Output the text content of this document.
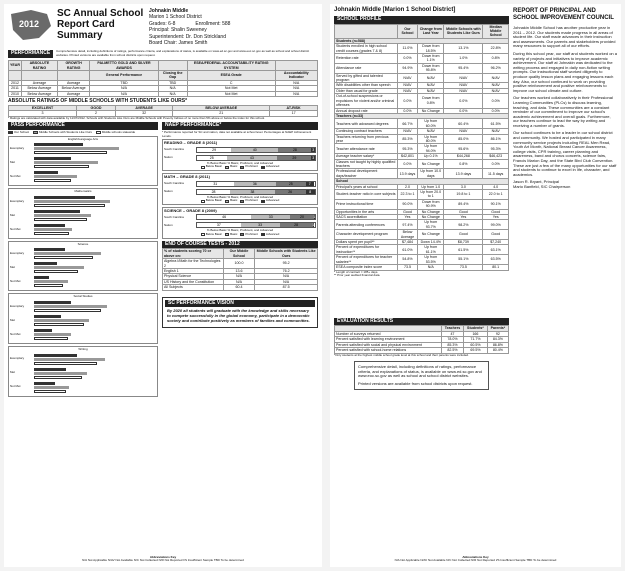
2012
SC Annual School Report Card Summary
Johnakin Middle
Marion 1 School District
Grades: 6-8	Enrollment: 588
Principal: Shalin Sweeney
Superintendent: Dr. Don Strickland
Board Chair: James Smith
PERFORMANCE	Comprehensive detail, including definitions of ratings, performance criteria, and explanations of status, is available on www.ed.sc.gov and www.eoc.sc.gov as well as school and school district websites. Printed versions are available from school districts upon request.
YEAR	ABSOLUTE RATING	GROWTH RATING	PALMETTO GOLD AND SILVER AWARDS		ESEA/FEDERAL ACCOUNTABILITY RATING SYSTEM	
			General Performance	Closing the Gap	ESEA Grade	Accountability Indicator
2012	Average	Average	TBD	TBD	C	N/A
2011	Below Average	Below Average	N/A	N/A	Not Met	N/A
2010	Below Average	Average	N/A	N/A	Not Met	N/A
ABSOLUTE RATINGS OF MIDDLE SCHOOLS WITH STUDENTS LIKE OURS*
EXCELLENT	GOOD	AVERAGE	BELOW AVERAGE	AT-RISK
3	2	32	21	17
* Ratings are calculated with data available by 11/07/2012. Schools with Students Like Ours are Middle Schools with Poverty Indices of no more than 5% above or below the index for this school.
PASS PERFORMANCE
Our School	Middle Schools with Students Like Ours	Middle schools statewide
English/Language Arts
Exemplary
Met
Not Met
Mathematics
Exemplary
Met
Not Met
Science
Exemplary
Met
Not Met
Social Studies
Exemplary
Met
Not Met
Writing
Exemplary
Met
Not Met
NAEP PERFORMANCE*
* Performance reported for SC and nation, data not available at school level. Percentages at NAEP Achievement Levels.
READING – GRADE 8 (2011)
South Carolina	29	40	28	3
Nation	25	43	29	3
% Below Basic % Basic, Proficient, and Advanced
Below Basic	Basic	Proficient	Advanced
MATH – GRADE 8 (2011)
South Carolina	31	36	25	7
Nation	28	38	26	8
% Below Basic % Basic, Proficient, and Advanced
Below Basic	Basic	Proficient	Advanced
SCIENCE – GRADE 8 (2009)
South Carolina	46	33	20	1
Nation	37	33	28	1
% Below Basic % Basic, Proficient, and Advanced
Below Basic	Basic	Proficient	Advanced
END OF COURSE TESTS - 2012
% of students scoring 70 or above on:	Our Middle School	Middle Schools with Students Like Ours
Algebra I/Math for the Technologies 2	100.0	95.2
English 1	13.6	76.2
Physical Science	N/A	N/A
US History and the Constitution	N/A	N/A
All Subjects	60.4	87.5
SC PERFORMANCE VISION
By 2020 all students will graduate with the knowledge and skills necessary to compete successfully in the global economy, participate in a democratic society and contribute positively as members of families and communities.
Abbreviations Key
N/A Not Applicable N/AV Not Available N/C Not Collected N/R Not Reported I/S Insufficient Sample TBD To be determined
Johnakin Middle [Marion 1 School District]
SCHOOL PROFILE
	Our School	Change from Last Year	Middle Schools with Students Like Ours	Median Middle School
Students (n=588)				
Students enrolled in high school credit courses (grades 7 & 8)	11.0%	Down from 18.5%	13.1%	22.8%
Retention rate	0.0%	Down from 1.1%	1.0%	0.8%
Attendance rate	94.9%	Down from 95.8%	95.4%	96.2%
Served by gifted and talented program	N/AV	N/AV	N/AV	N/AV
With disabilities other than speech	N/AV	N/AV	N/AV	N/AV
Older than usual for grade	N/AV	N/AV	N/AV	N/AV
Out-of-school suspensions or expulsions for violent and/or criminal offenses	0.0%	Down from 0.8%	0.0%	0.0%
Annual dropout rate	0.0%	No Change	0.0%	0.0%
Teachers (n=33)				
Teachers with advanced degrees	66.7%	Up from 60.0%	60.4%	61.5%
Continuing contract teachers	N/AV	N/AV	N/AV	N/AV
Teachers returning from previous year	85.3%	Up from 80.0%	85.0%	86.1%
Teacher attendance rate	95.3%	Up from 94.0%	95.6%	95.3%
Average teacher salary*	$42,801	Up 0.1%	$44,268	$46,423
Classes not taught by highly qualified teachers	0.0%	No Change	0.8%	0.0%
Professional development days/teacher	13.9 days	Up from 10.0 days	13.9 days	11.5 days
School				
Principal's years at school	2.0	Up from 1.0	3.0	4.0
Student-teacher ratio in core subjects	22.3 to 1	Up from 20.0 to 1	19.8 to 1	22.0 to 1
Prime instructional time	90.0%	Down from 90.9%	89.4%	90.1%
Opportunities in the arts	Good	No Change	Good	Good
SACS accreditation	Yes	No Change	Yes	Yes
Parents attending conferences	97.4%	Up from 93.7%	98.2%	99.0%
Character development program	Below Average	No Change	Good	Good
Dollars spent per pupil**	$7,484	Down 14.4%	$8,739	$7,240
Percent of expenditures for instruction**	61.0%	Up from 61.1%	61.5%	63.1%
Percent of expenditures for teacher salaries**	54.8%	Up from 53.5%	55.1%	63.5%
ESEA composite index score	73.5	N/A	73.5	80.1
* Length of contract = 185+ days.
** Prior year audited financial data.
EVALUATION RESULTS
	Teachers	Students*	Parents*
Number of surveys returned	47	166	92
Percent satisfied with learning environment	78.0%	71.7%	84.3%
Percent satisfied with social and physical environment	85.3%	60.5%	86.8%
Percent satisfied with school-home relations	82.5%	69.5%	80.4%
*Only students at the highest middle school grade level at this school and their parents were included.

Comprehensive detail, including definitions of ratings, performance criteria, and explanations of status, is available on www.ed.sc.gov and www.eoc.sc.gov as well as school and school district websites.

Printed versions are available from school districts upon request.

REPORT OF PRINCIPAL AND SCHOOL IMPROVEMENT COUNCIL

Johnakin Middle School has another productive year in 2011 – 2012. Our students made progress in all areas of student life. Our staff made advances in their instruction and assessments. Our parents and stakeholders provided many resources to support all of our efforts.

During this school year, our staff and students worked on a variety of projects and initiatives to improve academic achievement. Our staff at Johnakin was dedicated to the writing process and engaged in daily non-fiction writing prompts. Our instructional staff worked diligently to produce quality lesson plans and engaging lessons each day. Also, our school continued to work on providing positive reinforcement and positive reinforcements to improve our school climate and culture.

Our teachers worked collaboratively in their Professional Learning Communities (PLCs) to discuss learning, teaching, and data. These communities are a constant reminder of our commitment to improve our school's academic achievement and overall goals. Furthermore, our teachers continue to lead the way by writing and receiving a number of grants.

Our school continues to be a leader in our school district and community. We hosted and participated in many community service projects including REAL Men Read, Youth Art Month, National Breast Cancer Awareness, college visits, CPR training, career planning and awareness, band and chorus concerts, science fairs, Francis Marion Day, and the State Bird Club Convention. These are just a few of the many opportunities for our staff and students to continue to excel in life, character, and academics.

Jason R. Bryant, Principal
Mario Banfield, SIC Chairperson

Abbreviations Key
N/A Not Applicable N/AV Not Available N/C Not Collected N/R Not Reported I/S Insufficient Sample TBD To be determined
